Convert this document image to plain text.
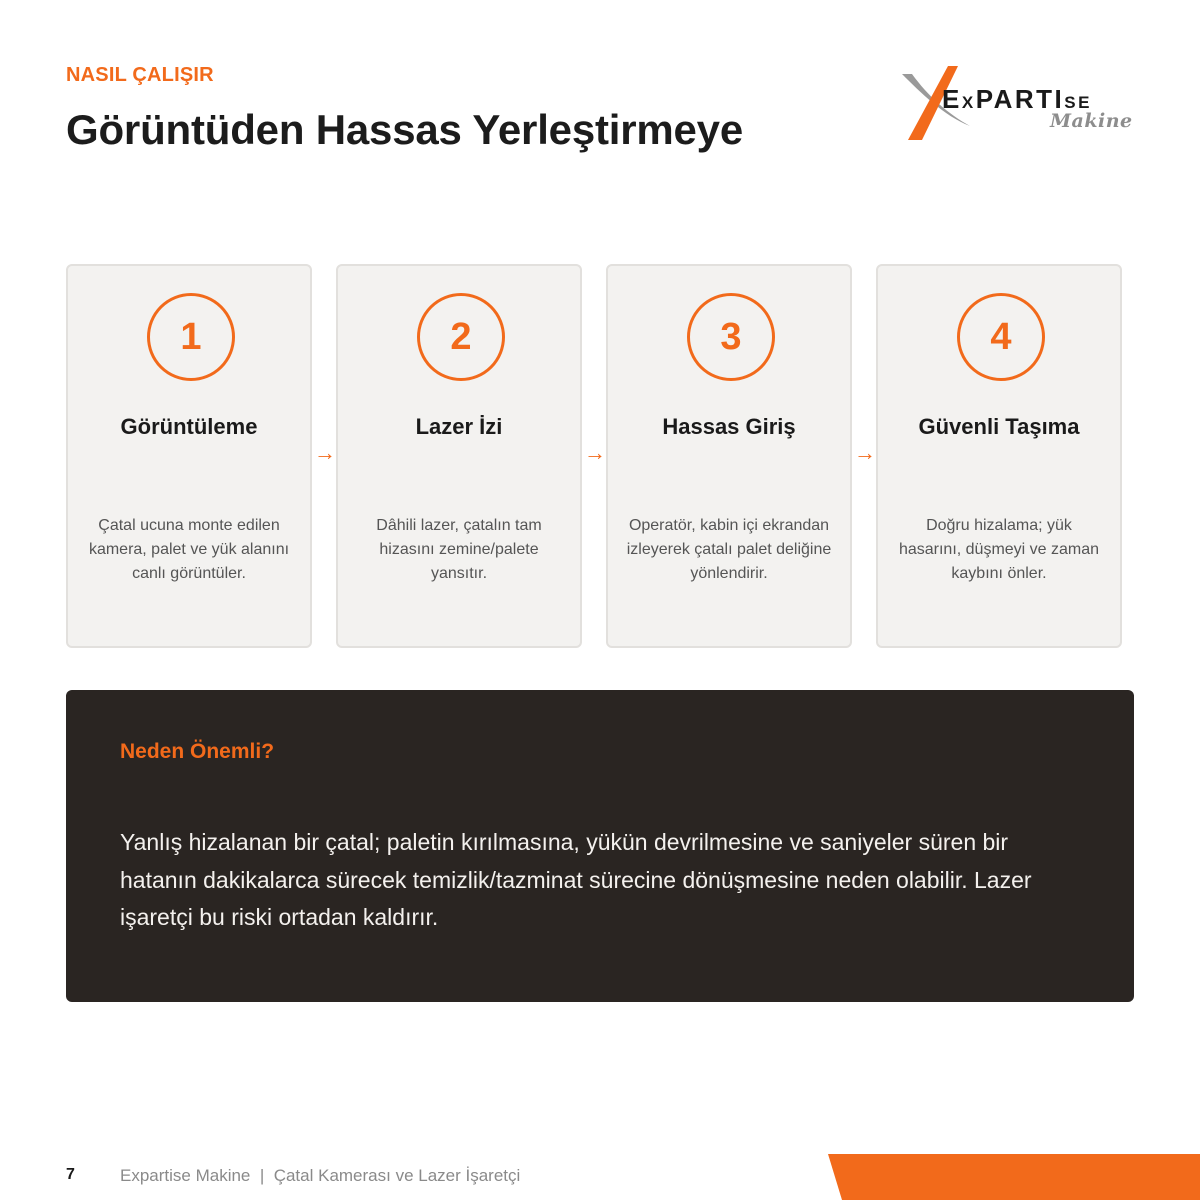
NASIL ÇALIŞIR
Görüntüden Hassas Yerleştirmeye
EXPARTISE
Makine
1
Görüntüleme
Çatal ucuna monte edilen kamera, palet ve yük alanını canlı görüntüler.
→
2
Lazer İzi
Dâhili lazer, çatalın tam hizasını zemine/palete yansıtır.
→
3
Hassas Giriş
Operatör, kabin içi ekrandan izleyerek çatalı palet deliğine yönlendirir.
→
4
Güvenli Taşıma
Doğru hizalama; yük hasarını, düşmeyi ve zaman kaybını önler.
Neden Önemli?
Yanlış hizalanan bir çatal; paletin kırılmasına, yükün devrilmesine ve saniyeler süren bir hatanın dakikalarca sürecek temizlik/tazminat sürecine dönüşmesine neden olabilir. Lazer işaretçi bu riski ortadan kaldırır.
7	Expartise Makine  |  Çatal Kamerası ve Lazer İşaretçi
